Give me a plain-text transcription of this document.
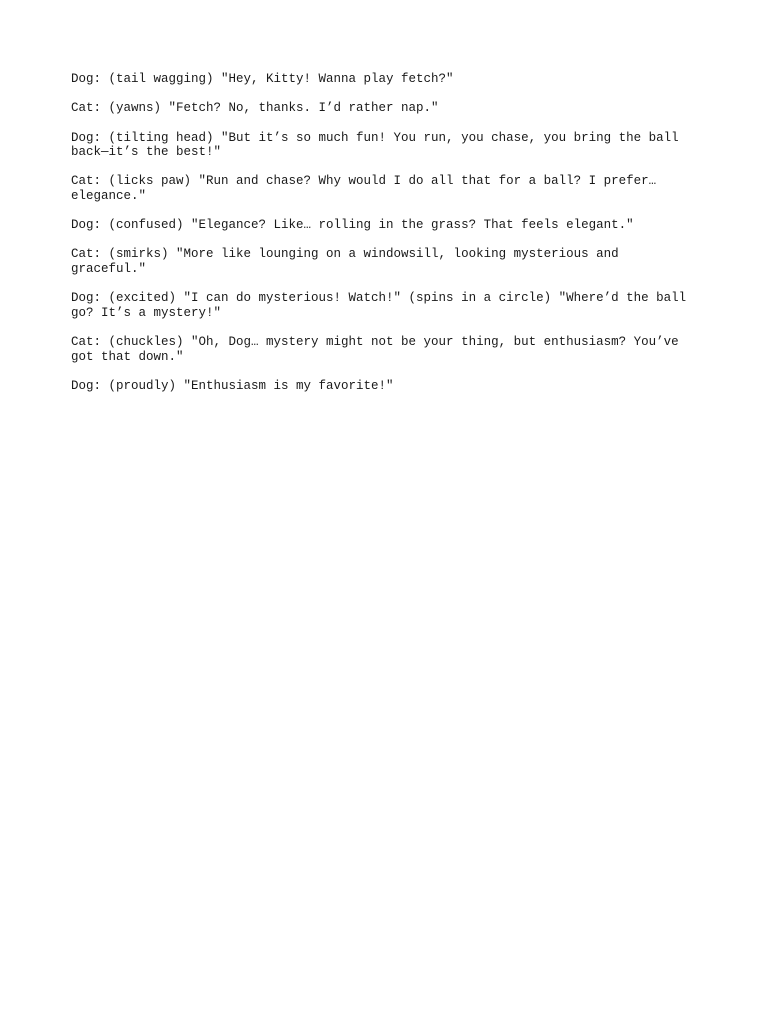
Dog: (tail wagging) "Hey, Kitty! Wanna play fetch?"

Cat: (yawns) "Fetch? No, thanks. I’d rather nap."

Dog: (tilting head) "But it’s so much fun! You run, you chase, you bring the ball
back—it’s the best!"

Cat: (licks paw) "Run and chase? Why would I do all that for a ball? I prefer…
elegance."

Dog: (confused) "Elegance? Like… rolling in the grass? That feels elegant."

Cat: (smirks) "More like lounging on a windowsill, looking mysterious and
graceful."

Dog: (excited) "I can do mysterious! Watch!" (spins in a circle) "Where’d the ball
go? It’s a mystery!"

Cat: (chuckles) "Oh, Dog… mystery might not be your thing, but enthusiasm? You’ve
got that down."

Dog: (proudly) "Enthusiasm is my favorite!"
